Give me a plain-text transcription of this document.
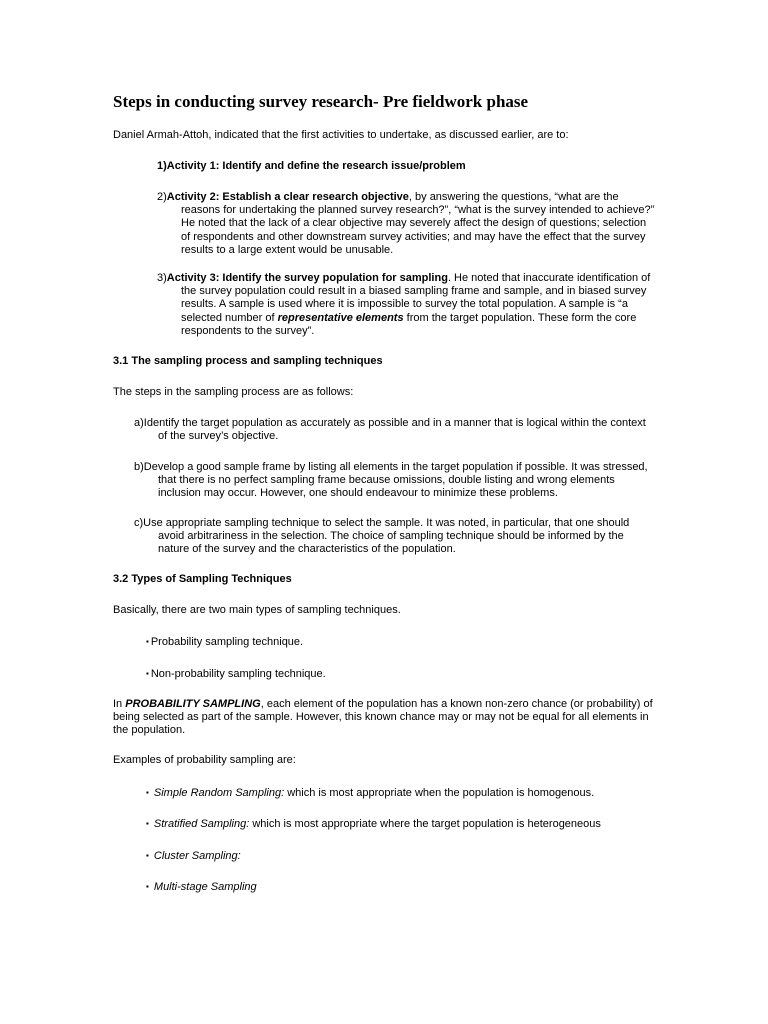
Steps in conducting survey research- Pre fieldwork phase

Daniel Armah-Attoh, indicated that the first activities to undertake, as discussed earlier, are to:

1)Activity 1: Identify and define the research issue/problem

2)Activity 2: Establish a clear research objective, by answering the questions, “what are the reasons for undertaking the planned survey research?”, “what is the survey intended to achieve?” He noted that the lack of a clear objective may severely affect the design of questions; selection of respondents and other downstream survey activities; and may have the effect that the survey results to a large extent would be unusable.

3)Activity 3: Identify the survey population for sampling. He noted that inaccurate identification of the survey population could result in a biased sampling frame and sample, and in biased survey results. A sample is used where it is impossible to survey the total population. A sample is “a selected number of representative elements from the target population. These form the core respondents to the survey”.

3.1 The sampling process and sampling techniques

The steps in the sampling process are as follows:

a)Identify the target population as accurately as possible and in a manner that is logical within the context of the survey’s objective.

b)Develop a good sample frame by listing all elements in the target population if possible. It was stressed, that there is no perfect sampling frame because omissions, double listing and wrong elements inclusion may occur. However, one should endeavour to minimize these problems.

c)Use appropriate sampling technique to select the sample. It was noted, in particular, that one should avoid arbitrariness in the selection. The choice of sampling technique should be informed by the nature of the survey and the characteristics of the population.

3.2 Types of Sampling Techniques

Basically, there are two main types of sampling techniques.

▪ Probability sampling technique.

▪ Non-probability sampling technique.

In PROBABILITY SAMPLING, each element of the population has a known non-zero chance (or probability) of being selected as part of the sample. However, this known chance may or may not be equal for all elements in the population.

Examples of probability sampling are:

▪ Simple Random Sampling: which is most appropriate when the population is homogenous.

▪ Stratified Sampling: which is most appropriate where the target population is heterogeneous

▪ Cluster Sampling:

▪ Multi-stage Sampling
